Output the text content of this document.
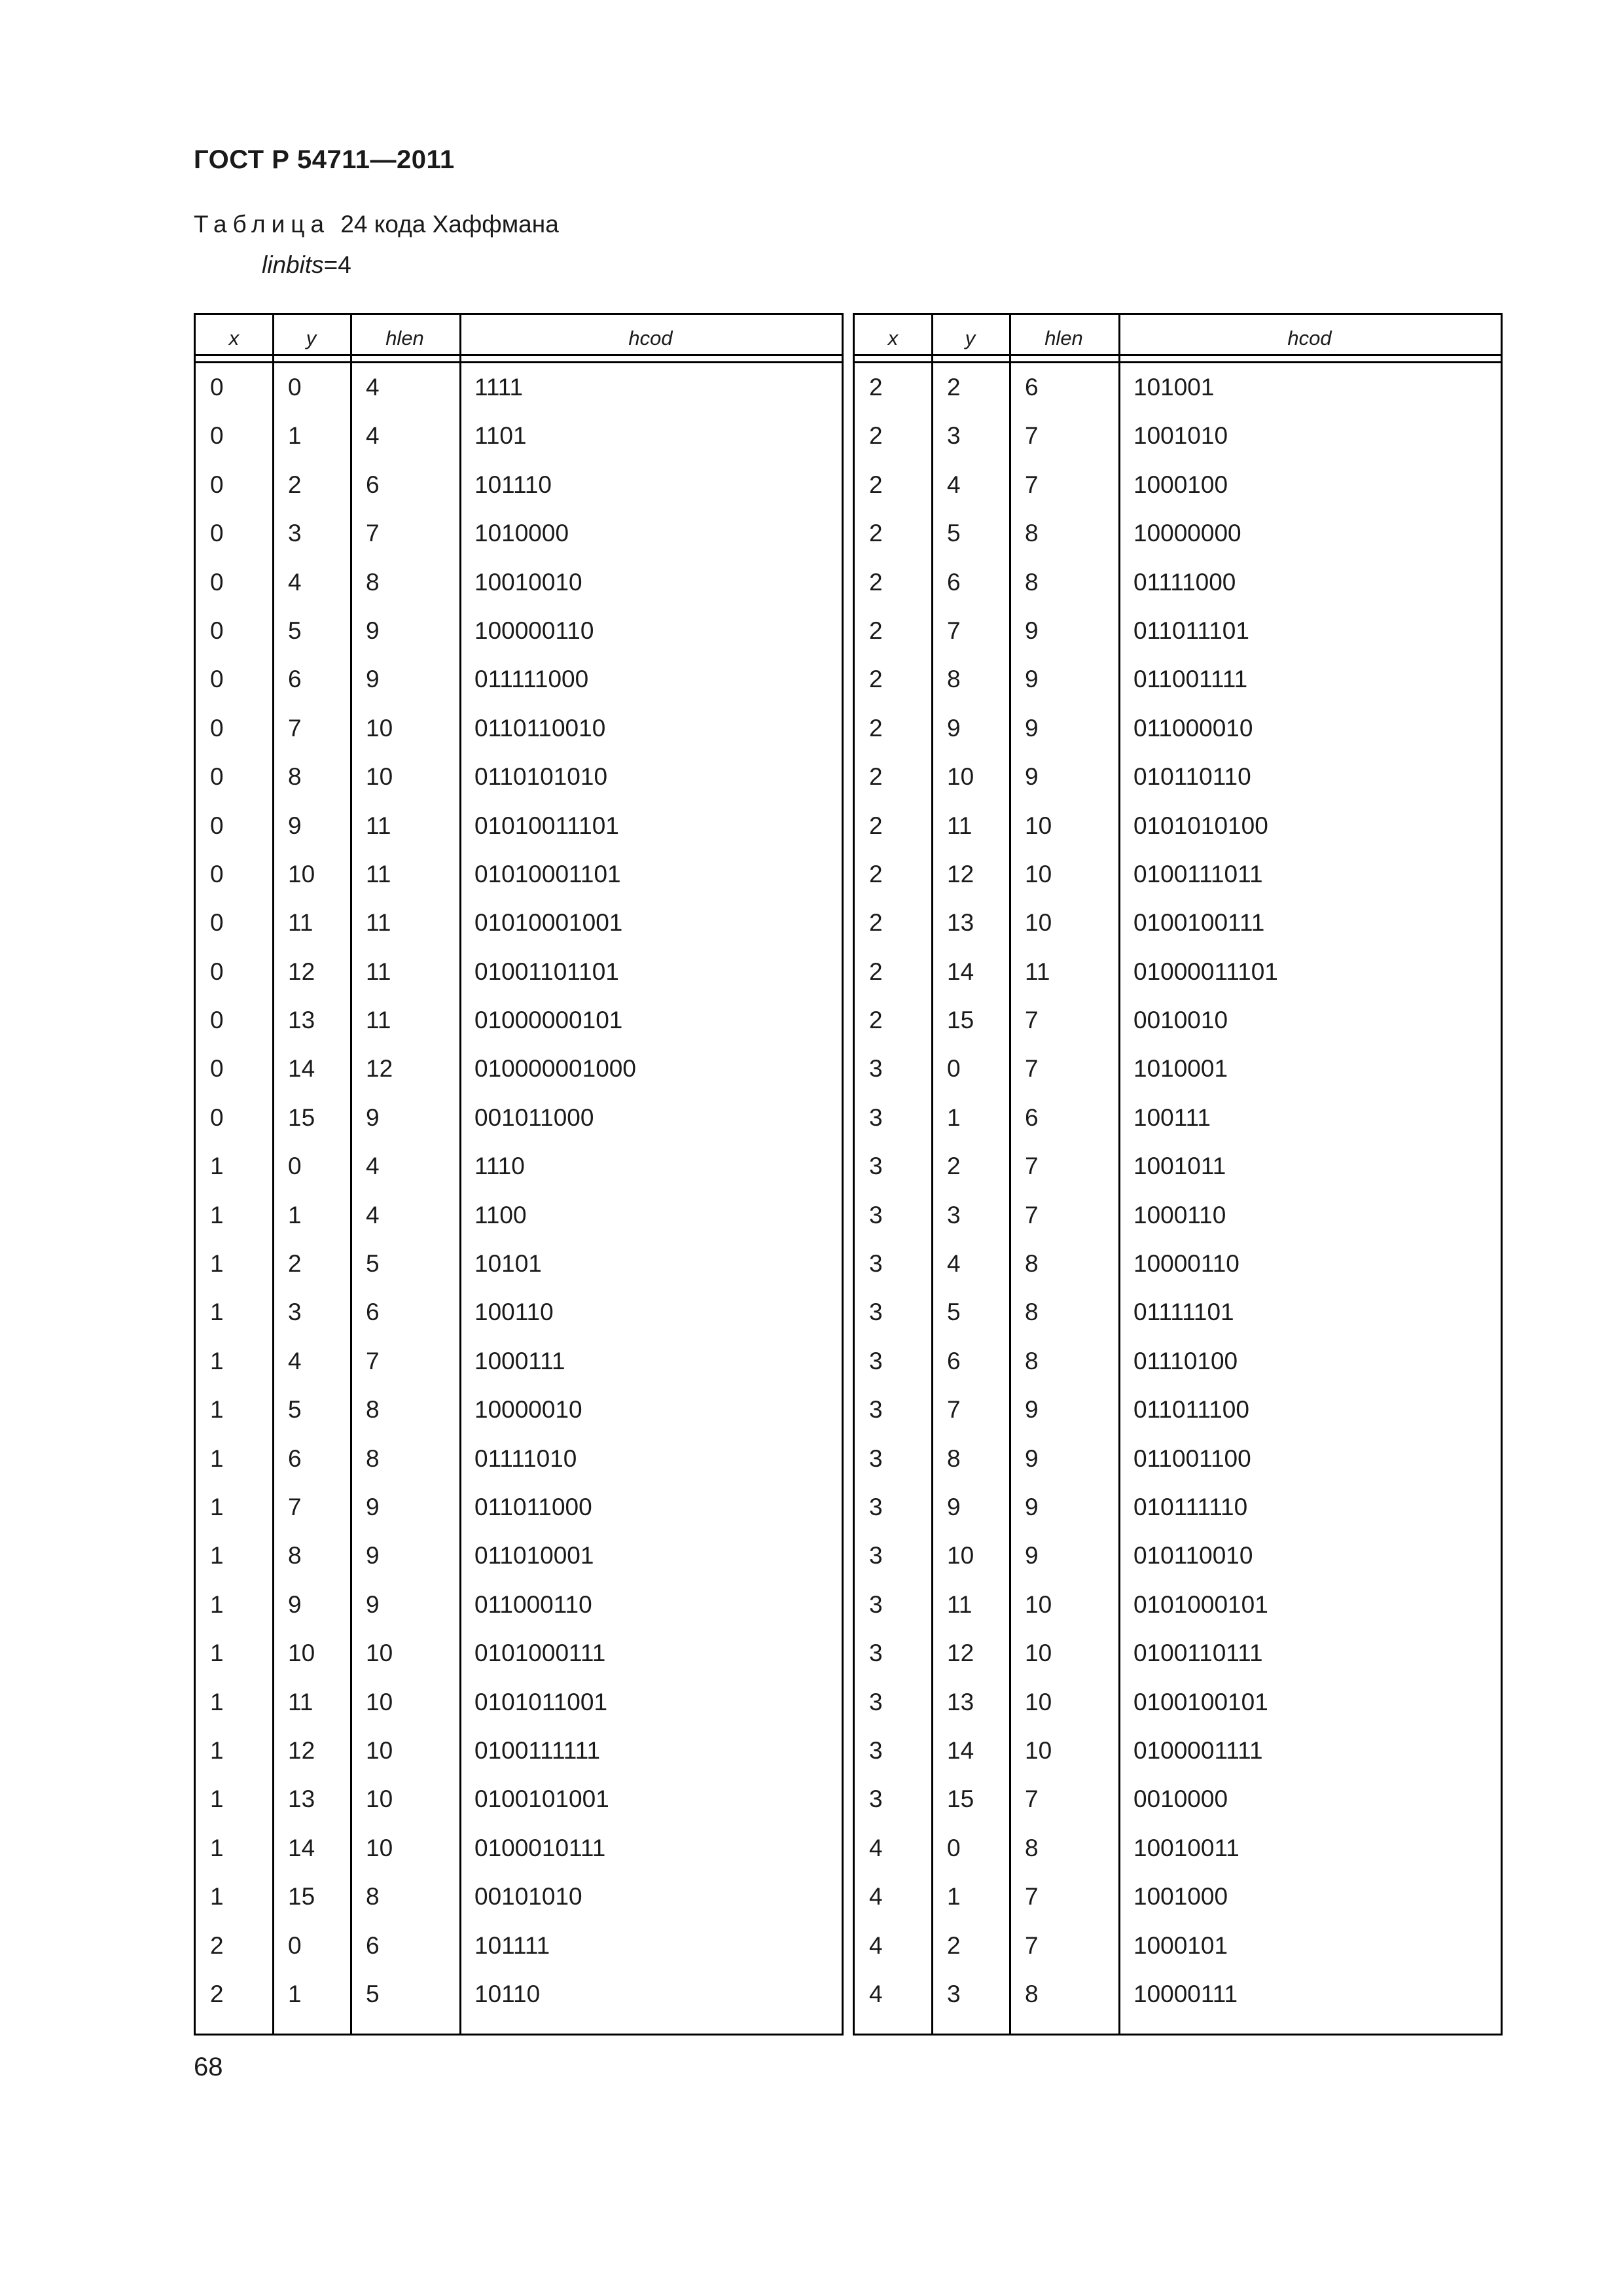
ГОСТ Р 54711—2011
Таблица 24 кода Хаффмана
linbits=4
x	y	hlen	hcod
0	0	4	1111
0	1	4	1101
0	2	6	101110
0	3	7	1010000
0	4	8	10010010
0	5	9	100000110
0	6	9	011111000
0	7	10	0110110010
0	8	10	0110101010
0	9	11	01010011101
0	10 11	01010001101
0	11 11	01010001001
0	12 11	01001101101
0	13 11	01000000101
0	14 12	010000001000
0	15 9	001011000
1	0	4	1110
1	1	4	1100
1	2	5	10101
1	3	6	100110
1	4	7	1000111
1	5	8	10000010
1	6	8	01111010
1	7	9	011011000
1	8	9	011010001
1	9	9	011000110
1	10 10	0101000111
1	11 10	0101011001
1	12 10	0100111111
1	13 10	0100101001
1	14 10	0100010111
1	15 8	00101010
2	0	6	101111
2	1	5	10110
x	y	hlen	hcod
2	2	6	101001
2	3	7	1001010
2	4	7	1000100
2	5	8	10000000
2	6	8	01111000
2	7	9	011011101
2	8	9	011001111
2	9	9	011000010
2	10 9	010110110
2	11 10	0101010100
2	12 10	0100111011
2	13 10	0100100111
2	14 11	01000011101
2	15 7	0010010
3	0	7	1010001
3	1	6	100111
3	2	7	1001011
3	3	7	1000110
3	4	8	10000110
3	5	8	01111101
3	6	8	01110100
3	7	9	011011100
3	8	9	011001100
3	9	9	010111110
3	10 9	010110010
3	11 10	0101000101
3	12 10	0100110111
3	13 10	0100100101
3	14 10	0100001111
3	15 7	0010000
4	0	8	10010011
4	1	7	1001000
4	2	7	1000101
4	3	8	10000111
68
